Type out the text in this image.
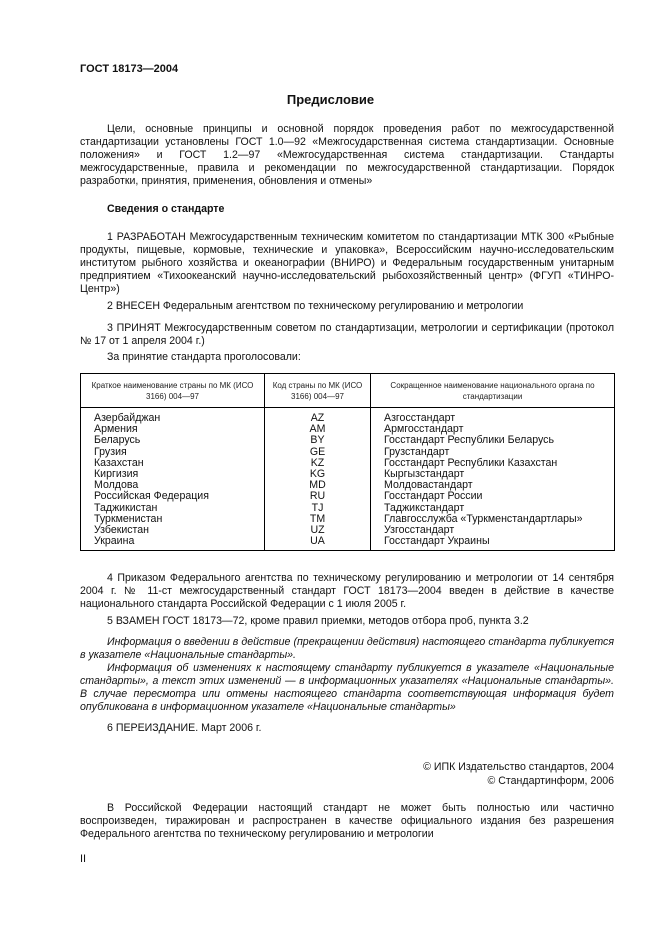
ГОСТ 18173—2004
Предисловие
Цели, основные принципы и основной порядок проведения работ по межгосударственной стандартизации установлены ГОСТ 1.0—92 «Межгосударственная система стандартизации. Основные положения» и ГОСТ 1.2—97 «Межгосударственная система стандартизации. Стандарты межгосударственные, правила и рекомендации по межгосударственной стандартизации. Порядок разработки, принятия, применения, обновления и отмены»
Сведения о стандарте
1 РАЗРАБОТАН Межгосударственным техническим комитетом по стандартизации МТК 300 «Рыбные продукты, пищевые, кормовые, технические и упаковка», Всероссийским научно-исследовательским институтом рыбного хозяйства и океанографии (ВНИРО) и Федеральным государственным унитарным предприятием «Тихоокеанский научно-исследовательский рыбохозяйственный центр» (ФГУП «ТИНРО-Центр»)
2 ВНЕСЕН Федеральным агентством по техническому регулированию и метрологии
3 ПРИНЯТ Межгосударственным советом по стандартизации, метрологии и сертификации (протокол № 17 от 1 апреля 2004 г.)
За принятие стандарта проголосовали:
Краткое наименование страны по МК (ИСО 3166) 004—97	Код страны по МК (ИСО 3166) 004—97	Сокращенное наименование национального органа по стандартизации
Азербайджан	AZ	Азгосстандарт
Армения	AM	Армгосстандарт
Беларусь	BY	Госстандарт Республики Беларусь
Грузия	GE	Грузстандарт
Казахстан	KZ	Госстандарт Республики Казахстан
Киргизия	KG	Кыргызстандарт
Молдова	MD	Молдовастандарт
Российская Федерация	RU	Госстандарт России
Таджикистан	TJ	Таджикстандарт
Туркменистан	TM	Главгосслужба «Туркменстандартлары»
Узбекистан	UZ	Узгосстандарт
Украина	UA	Госстандарт Украины
4 Приказом Федерального агентства по техническому регулированию и метрологии от 14 сентября 2004 г. № 11-ст межгосударственный стандарт ГОСТ 18173—2004 введен в действие в качестве национального стандарта Российской Федерации с 1 июля 2005 г.
5 ВЗАМЕН ГОСТ 18173—72, кроме правил приемки, методов отбора проб, пункта 3.2
Информация о введении в действие (прекращении действия) настоящего стандарта публикуется в указателе «Национальные стандарты».
Информация об изменениях к настоящему стандарту публикуется в указателе «Национальные стандарты», а текст этих изменений — в информационных указателях «Национальные стандарты». В случае пересмотра или отмены настоящего стандарта соответствующая информация будет опубликована в информационном указателе «Национальные стандарты»
6 ПЕРЕИЗДАНИЕ. Март 2006 г.
© ИПК Издательство стандартов, 2004
© Стандартинформ, 2006
В Российской Федерации настоящий стандарт не может быть полностью или частично воспроизведен, тиражирован и распространен в качестве официального издания без разрешения Федерального агентства по техническому регулированию и метрологии
II
